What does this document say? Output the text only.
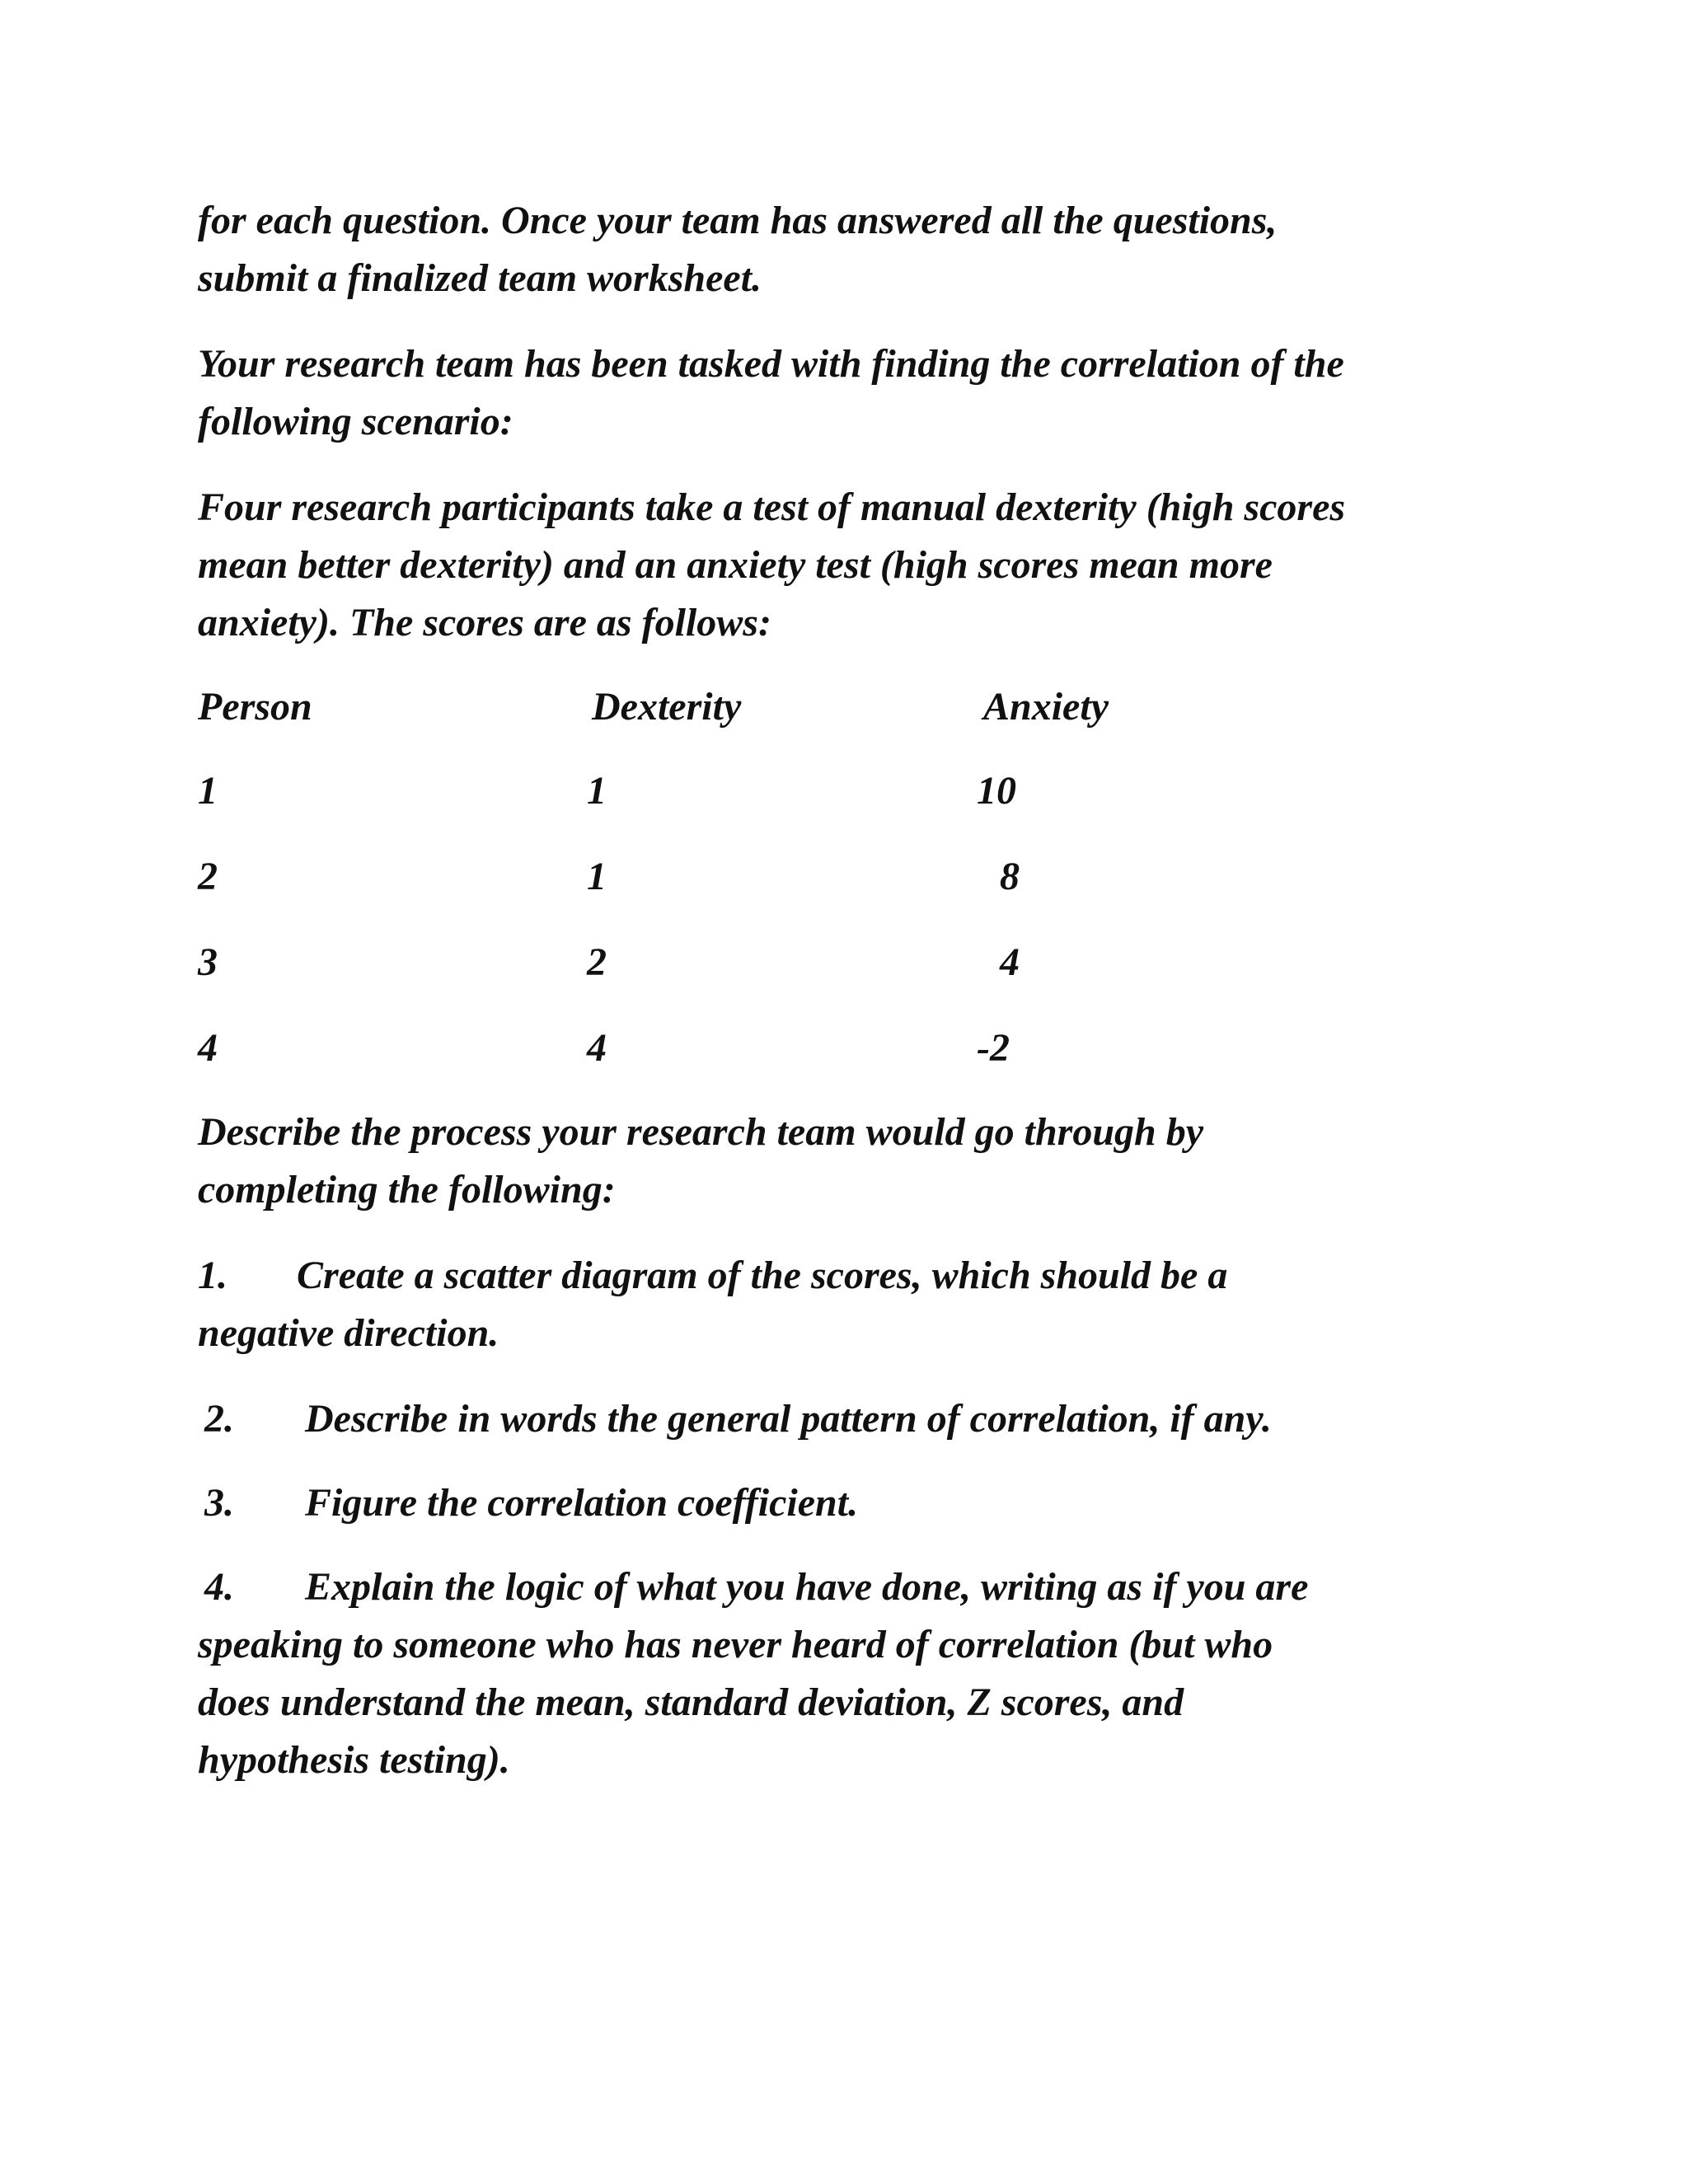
for each question. Once your team has answered all the questions,
submit a finalized team worksheet.
Your research team has been tasked with finding the correlation of the
following scenario:
Four research participants take a test of manual dexterity (high scores
mean better dexterity) and an anxiety test (high scores mean more
anxiety). The scores are as follows:
Person	Dexterity	Anxiety
1	1	10
2	1	8
3	2	4
4	4	-2
Describe the process your research team would go through by
completing the following:
1. Create a scatter diagram of the scores, which should be a
negative direction.
2. Describe in words the general pattern of correlation, if any.
3. Figure the correlation coefficient.
4. Explain the logic of what you have done, writing as if you are
speaking to someone who has never heard of correlation (but who
does understand the mean, standard deviation, Z scores, and
hypothesis testing).
